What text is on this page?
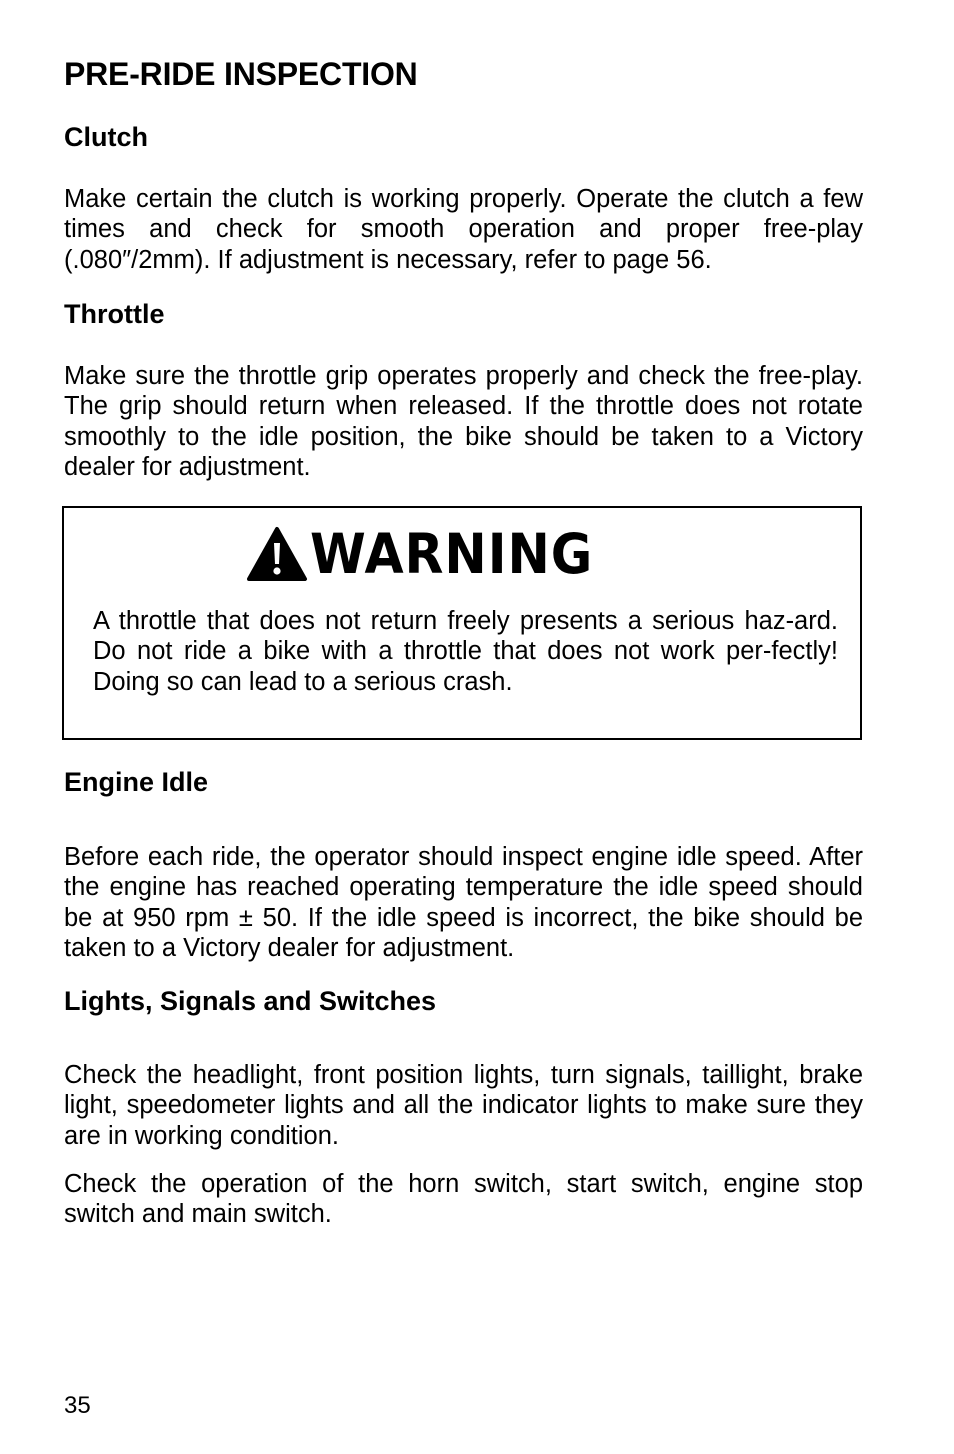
PRE-RIDE INSPECTION
Clutch

Make certain the clutch is working properly. Operate the clutch a few times and check for smooth operation and proper free-play (.080″/2mm). If adjustment is necessary, refer to page 56.

Throttle

Make sure the throttle grip operates properly and check the free-play. The grip should return when released. If the throttle does not rotate smoothly to the idle position, the bike should be taken to a Victory dealer for adjustment.

WARNING

A throttle that does not return freely presents a serious haz-ard. Do not ride a bike with a throttle that does not work per-fectly! Doing so can lead to a serious crash.

Engine Idle

Before each ride, the operator should inspect engine idle speed. After the engine has reached operating temperature the idle speed should be at 950 rpm ± 50. If the idle speed is incorrect, the bike should be taken to a Victory dealer for adjustment.

Lights, Signals and Switches

Check the headlight, front position lights, turn signals, taillight, brake light, speedometer lights and all the indicator lights to make sure they are in working condition.

Check the operation of the horn switch, start switch, engine stop switch and main switch.

35
